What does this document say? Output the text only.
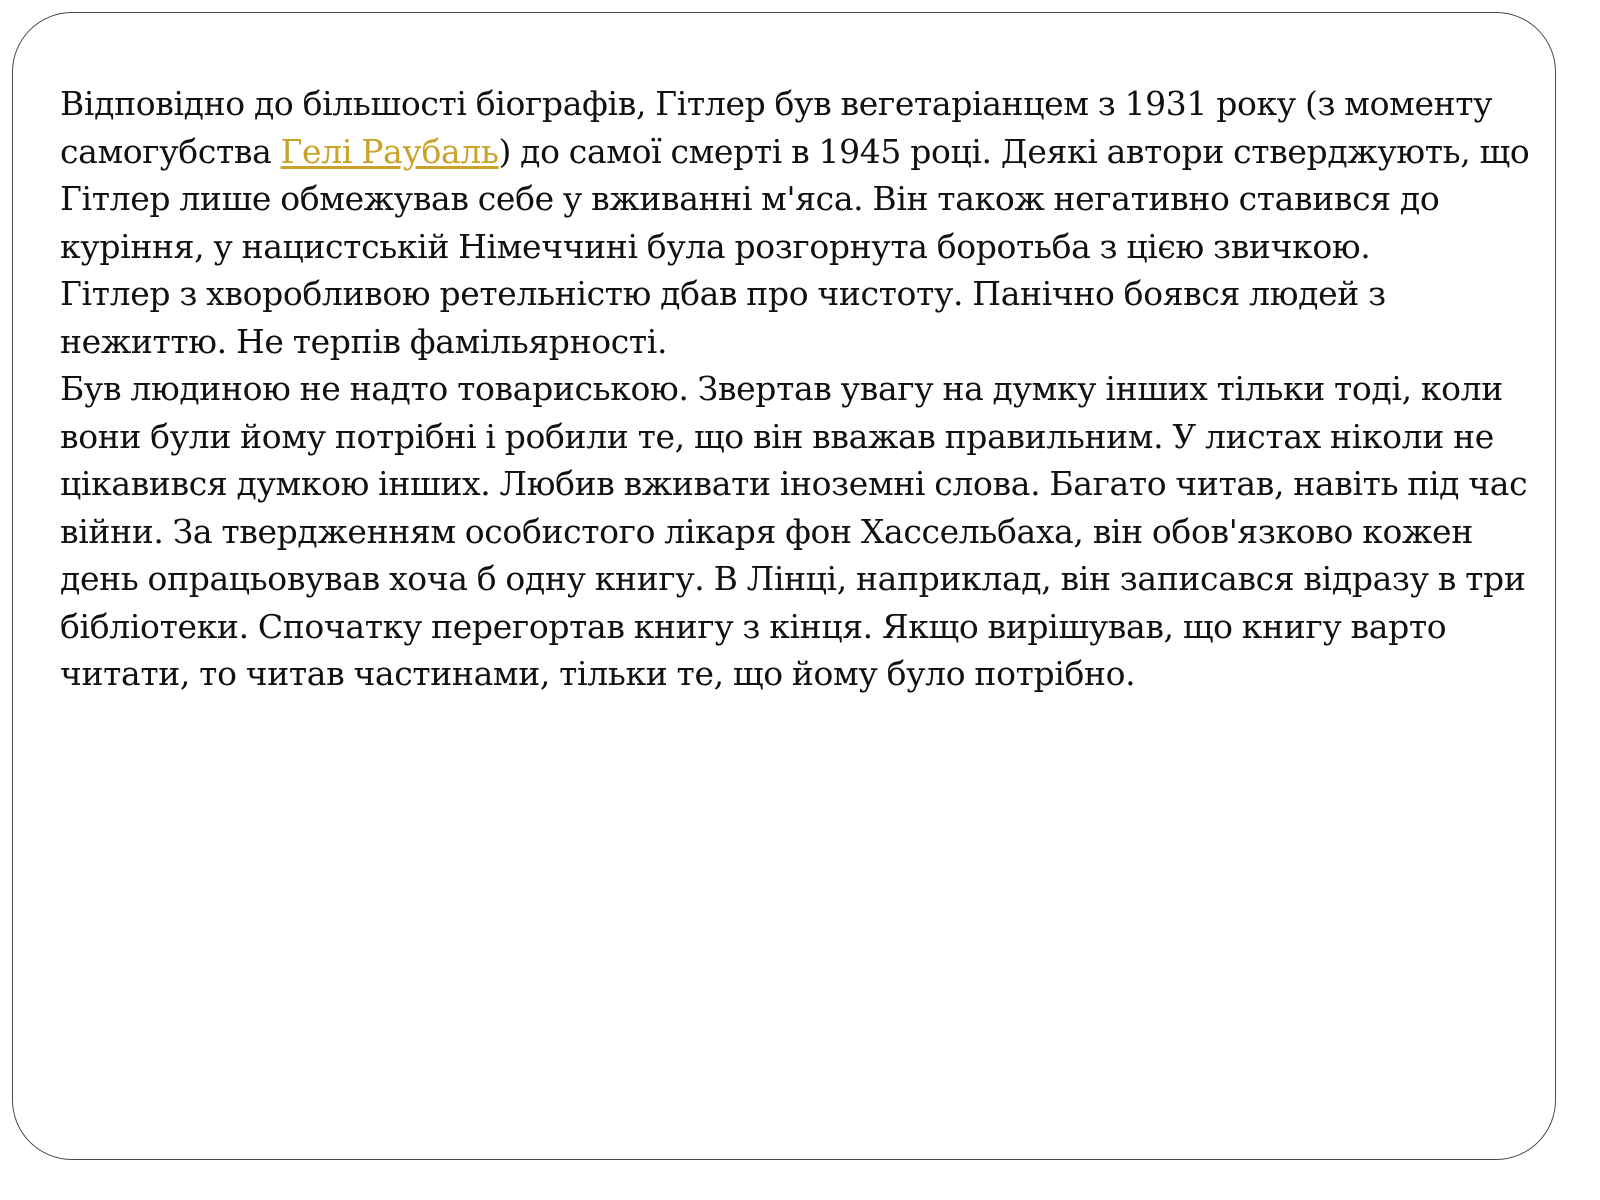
Відповідно до більшості біографів, Гітлер був вегетаріанцем з 1931 року (з моменту самогубства Гелі Раубаль) до самої смерті в 1945 році. Деякі автори стверджують, що Гітлер лише обмежував себе у вживанні м'яса. Він також негативно ставився до куріння, у нацистській Німеччині була розгорнута боротьба з цією звичкою.

Гітлер з хворобливою ретельністю дбав про чистоту. Панічно боявся людей з нежиттю. Не терпів фамільярності.

Був людиною не надто товариською. Звертав увагу на думку інших тільки тоді, коли вони були йому потрібні і робили те, що він вважав правильним. У листах ніколи не цікавився думкою інших. Любив вживати іноземні слова. Багато читав, навіть під час війни. За твердженням особистого лікаря фон Хассельбаха, він обов'язково кожен день опрацьовував хоча б одну книгу. В Лінці, наприклад, він записався відразу в три бібліотеки. Спочатку перегортав книгу з кінця. Якщо вирішував, що книгу варто читати, то читав частинами, тільки те, що йому було потрібно.
